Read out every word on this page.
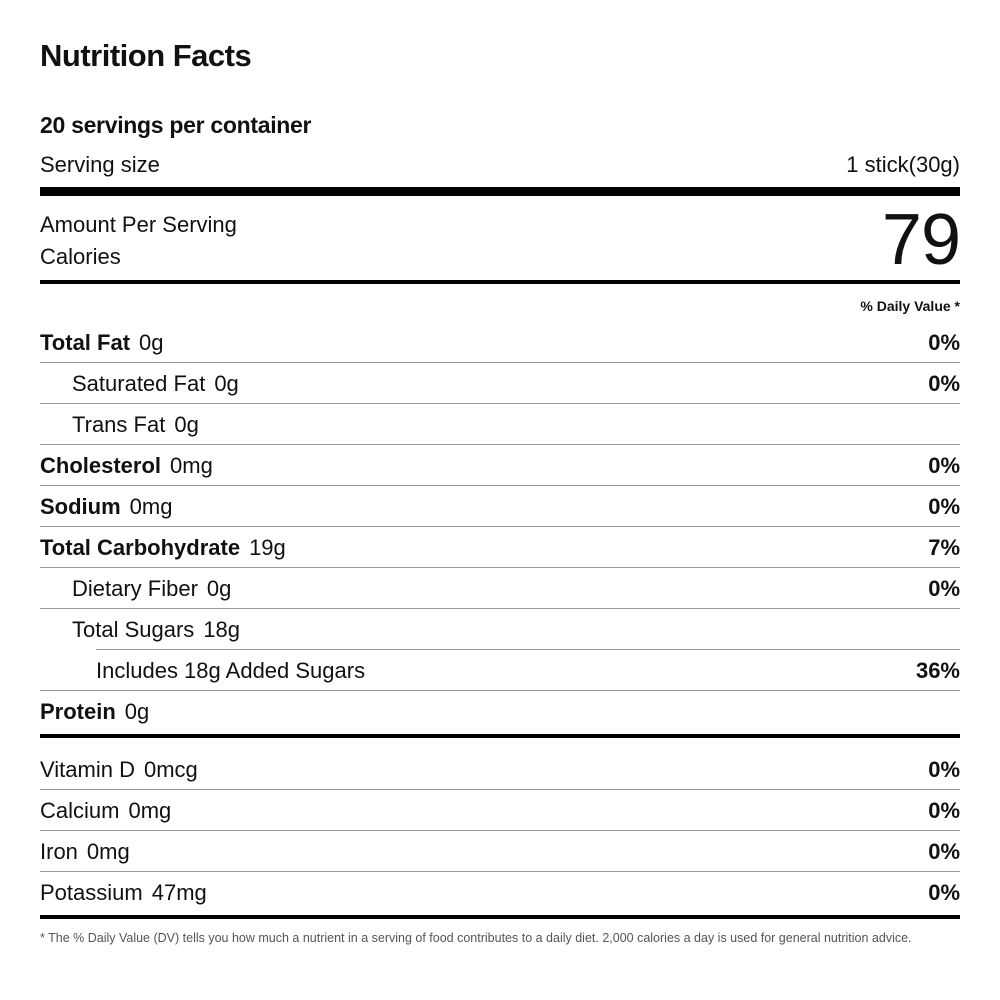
Nutrition Facts
20 servings per container
Serving size	1 stick(30g)
Amount Per Serving
Calories	79
% Daily Value *
Total Fat 0g	0%
Saturated Fat 0g	0%
Trans Fat 0g
Cholesterol 0mg	0%
Sodium 0mg	0%
Total Carbohydrate 19g	7%
Dietary Fiber 0g	0%
Total Sugars 18g
Includes 18g Added Sugars	36%
Protein 0g
Vitamin D 0mcg	0%
Calcium 0mg	0%
Iron 0mg	0%
Potassium 47mg	0%
* The % Daily Value (DV) tells you how much a nutrient in a serving of food contributes to a daily diet. 2,000 calories a day is used for general nutrition advice.
